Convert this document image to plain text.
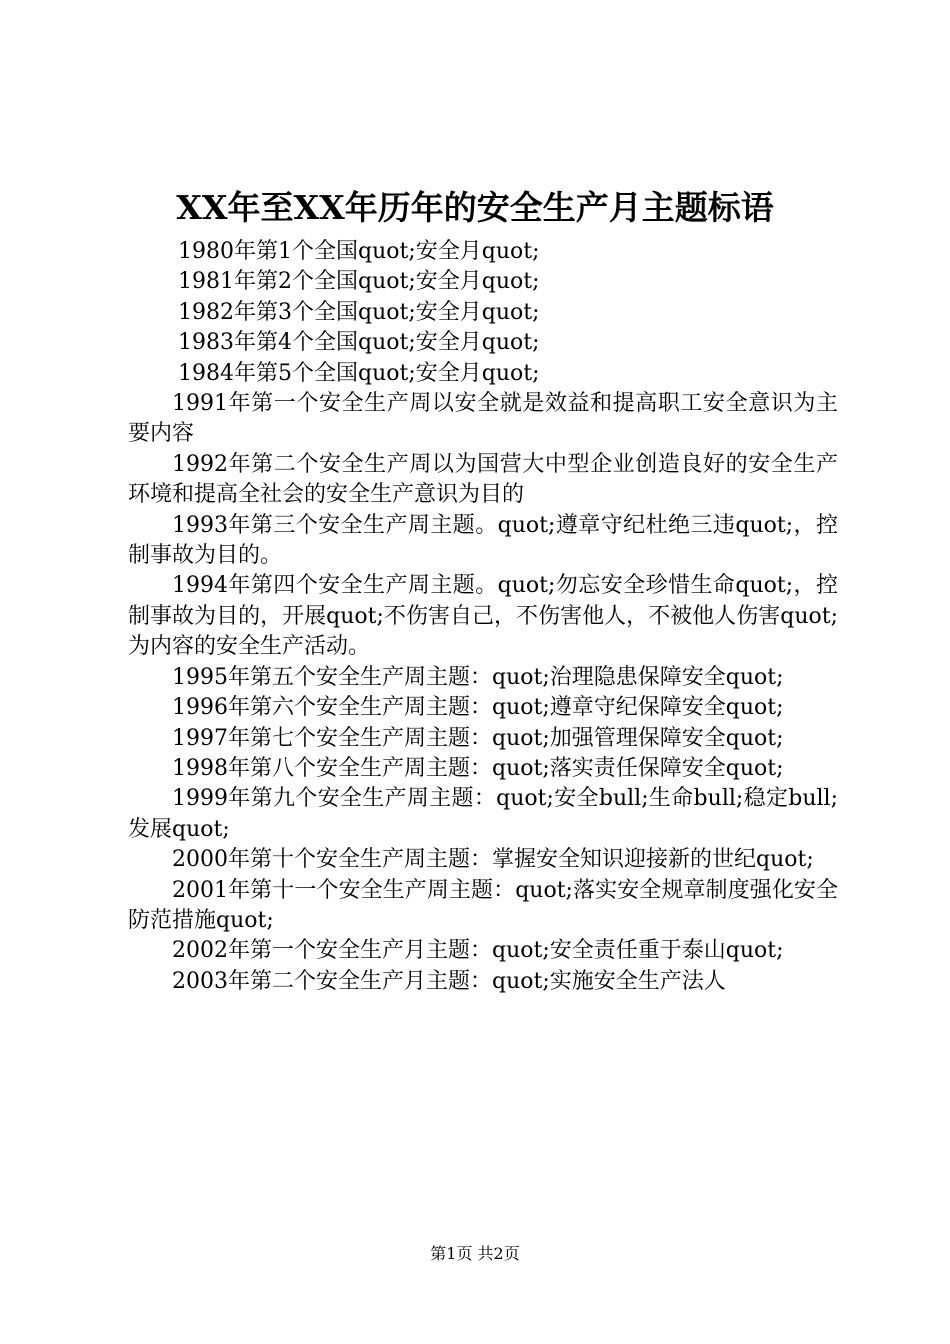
XX年至XX年历年的安全生产月主题标语

1980年第1个全国quot;安全月quot;

1981年第2个全国quot;安全月quot;

1982年第3个全国quot;安全月quot;

1983年第4个全国quot;安全月quot;

1984年第5个全国quot;安全月quot;

1991年第一个安全生产周以安全就是效益和提高职工安全意识为主要内容

1992年第二个安全生产周以为国营大中型企业创造良好的安全生产环境和提高全社会的安全生产意识为目的

1993年第三个安全生产周主题。quot;遵章守纪杜绝三违quot;，控制事故为目的。

1994年第四个安全生产周主题。quot;勿忘安全珍惜生命quot;，控制事故为目的，开展quot;不伤害自己，不伤害他人，不被他人伤害quot;为内容的安全生产活动。

1995年第五个安全生产周主题：quot;治理隐患保障安全quot;

1996年第六个安全生产周主题：quot;遵章守纪保障安全quot;

1997年第七个安全生产周主题：quot;加强管理保障安全quot;

1998年第八个安全生产周主题：quot;落实责任保障安全quot;

1999年第九个安全生产周主题：quot;安全bull;生命bull;稳定bull;发展quot;

2000年第十个安全生产周主题：掌握安全知识迎接新的世纪quot;

2001年第十一个安全生产周主题：quot;落实安全规章制度强化安全防范措施quot;

2002年第一个安全生产月主题：quot;安全责任重于泰山quot;

2003年第二个安全生产月主题：quot;实施安全生产法人

第1页 共2页
